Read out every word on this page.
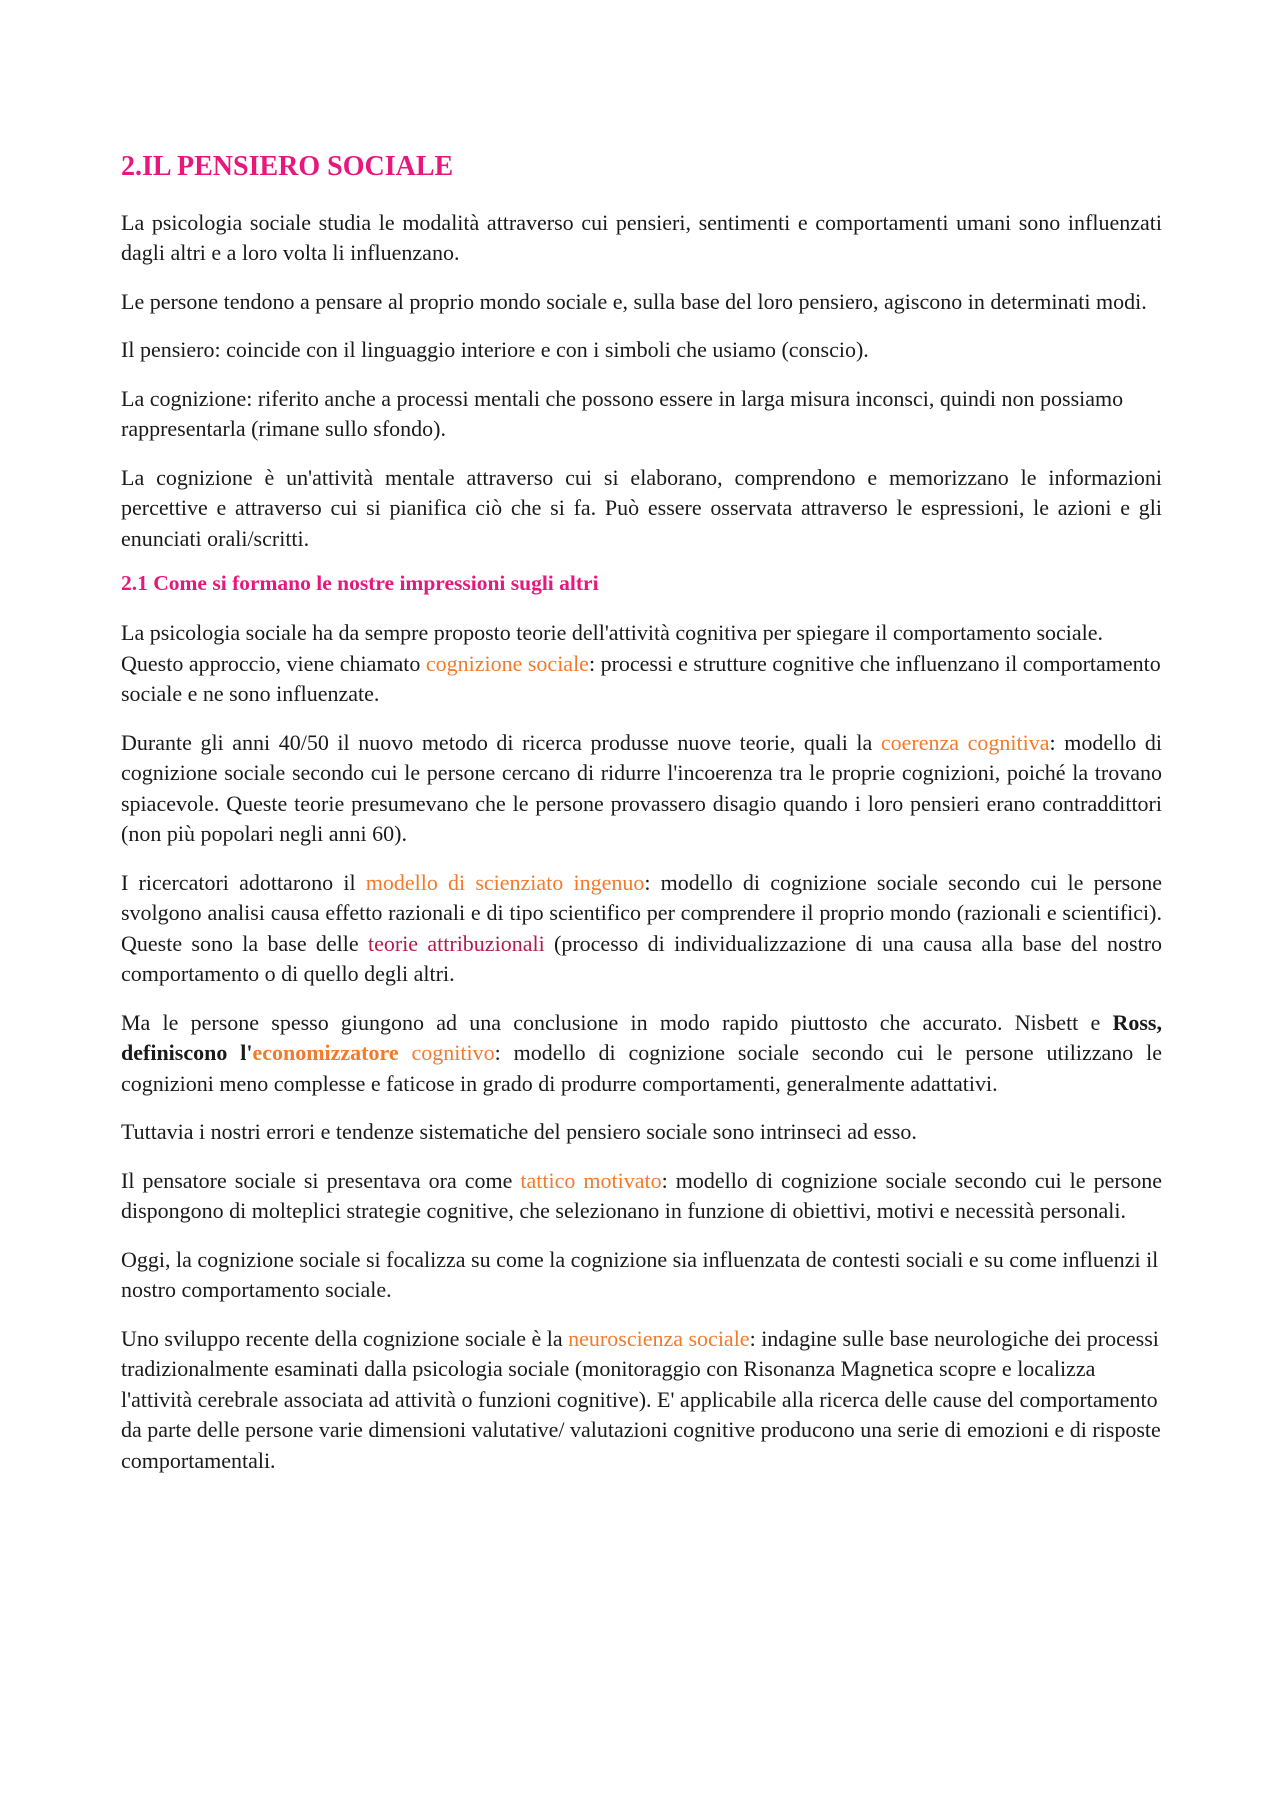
2.IL PENSIERO SOCIALE

La psicologia sociale studia le modalità attraverso cui pensieri, sentimenti e comportamenti umani sono influenzati dagli altri e a loro volta li influenzano.

Le persone tendono a pensare al proprio mondo sociale e, sulla base del loro pensiero, agiscono in determinati modi.

Il pensiero: coincide con il linguaggio interiore e con i simboli che usiamo (conscio).

La cognizione: riferito anche a processi mentali che possono essere in larga misura inconsci, quindi non possiamo rappresentarla (rimane sullo sfondo).

La cognizione è un'attività mentale attraverso cui si elaborano, comprendono e memorizzano le informazioni percettive e attraverso cui si pianifica ciò che si fa. Può essere osservata attraverso le espressioni, le azioni e gli enunciati orali/scritti.

2.1 Come si formano le nostre impressioni sugli altri

La psicologia sociale ha da sempre proposto teorie dell'attività cognitiva per spiegare il comportamento sociale. Questo approccio, viene chiamato cognizione sociale: processi e strutture cognitive che influenzano il comportamento sociale e ne sono influenzate.

Durante gli anni 40/50 il nuovo metodo di ricerca produsse nuove teorie, quali la coerenza cognitiva: modello di cognizione sociale secondo cui le persone cercano di ridurre l'incoerenza tra le proprie cognizioni, poiché la trovano spiacevole. Queste teorie presumevano che le persone provassero disagio quando i loro pensieri erano contraddittori (non più popolari negli anni 60).

I ricercatori adottarono il modello di scienziato ingenuo: modello di cognizione sociale secondo cui le persone svolgono analisi causa effetto razionali e di tipo scientifico per comprendere il proprio mondo (razionali e scientifici). Queste sono la base delle teorie attribuzionali (processo di individualizzazione di una causa alla base del nostro comportamento o di quello degli altri.

Ma le persone spesso giungono ad una conclusione in modo rapido piuttosto che accurato. Nisbett e Ross, definiscono l'economizzatore cognitivo: modello di cognizione sociale secondo cui le persone utilizzano le cognizioni meno complesse e faticose in grado di produrre comportamenti, generalmente adattativi.

Tuttavia i nostri errori e tendenze sistematiche del pensiero sociale sono intrinseci ad esso.

Il pensatore sociale si presentava ora come tattico motivato: modello di cognizione sociale secondo cui le persone dispongono di molteplici strategie cognitive, che selezionano in funzione di obiettivi, motivi e necessità personali.

Oggi, la cognizione sociale si focalizza su come la cognizione sia influenzata de contesti sociali e su come influenzi il nostro comportamento sociale.

Uno sviluppo recente della cognizione sociale è la neuroscienza sociale: indagine sulle base neurologiche dei processi tradizionalmente esaminati dalla psicologia sociale (monitoraggio con Risonanza Magnetica scopre e localizza l'attività cerebrale associata ad attività o funzioni cognitive). E' applicabile alla ricerca delle cause del comportamento da parte delle persone varie dimensioni valutative/ valutazioni cognitive producono una serie di emozioni e di risposte comportamentali.
